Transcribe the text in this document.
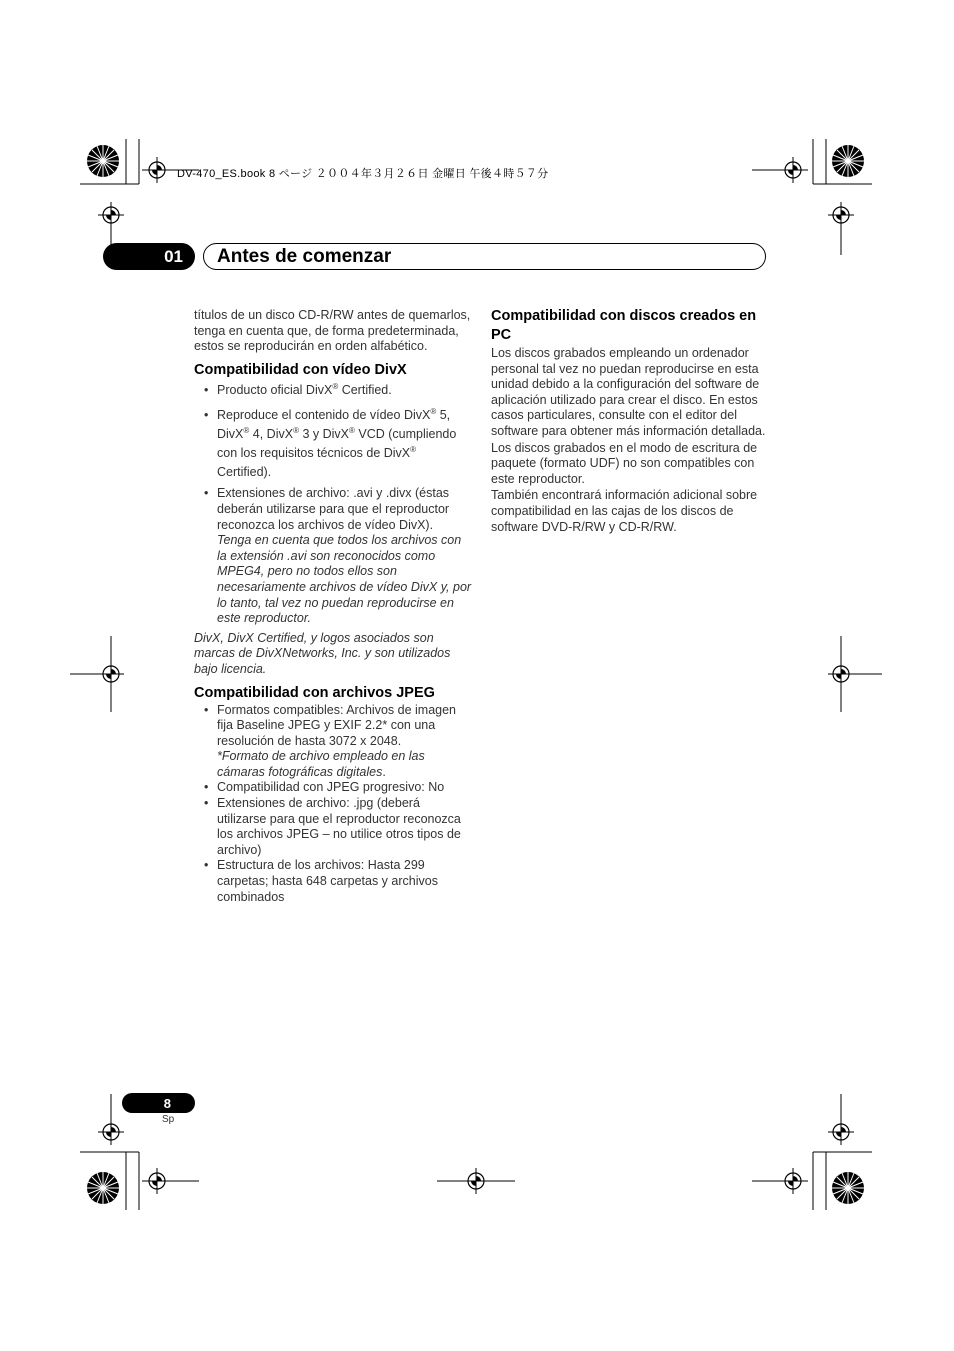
DV-470_ES.book 8 ページ ２００４年３月２６日 金曜日 午後４時５７分
01 Antes de comenzar

títulos de un disco CD-R/RW antes de quemarlos, tenga en cuenta que, de forma predeterminada, estos se reproducirán en orden alfabético.

Compatibilidad con vídeo DivX
• Producto oficial DivX® Certified.
• Reproduce el contenido de vídeo DivX® 5, DivX® 4, DivX® 3 y DivX® VCD (cumpliendo con los requisitos técnicos de DivX® Certified).
• Extensiones de archivo: .avi y .divx (éstas deberán utilizarse para que el reproductor reconozca los archivos de vídeo DivX).
Tenga en cuenta que todos los archivos con la extensión .avi son reconocidos como MPEG4, pero no todos ellos son necesariamente archivos de vídeo DivX y, por lo tanto, tal vez no puedan reproducirse en este reproductor.

DivX, DivX Certified, y logos asociados son marcas de DivXNetworks, Inc. y son utilizados bajo licencia.

Compatibilidad con archivos JPEG
• Formatos compatibles: Archivos de imagen fija Baseline JPEG y EXIF 2.2* con una resolución de hasta 3072 x 2048.
*Formato de archivo empleado en las cámaras fotográficas digitales.
• Compatibilidad con JPEG progresivo: No
• Extensiones de archivo: .jpg (deberá utilizarse para que el reproductor reconozca los archivos JPEG – no utilice otros tipos de archivo)
• Estructura de los archivos: Hasta 299 carpetas; hasta 648 carpetas y archivos combinados
Compatibilidad con discos creados en PC

Los discos grabados empleando un ordenador personal tal vez no puedan reproducirse en esta unidad debido a la configuración del software de aplicación utilizado para crear el disco. En estos casos particulares, consulte con el editor del software para obtener más información detallada.

Los discos grabados en el modo de escritura de paquete (formato UDF) no son compatibles con este reproductor.

También encontrará información adicional sobre compatibilidad en las cajas de los discos de software DVD-R/RW y CD-R/RW.

8
Sp
